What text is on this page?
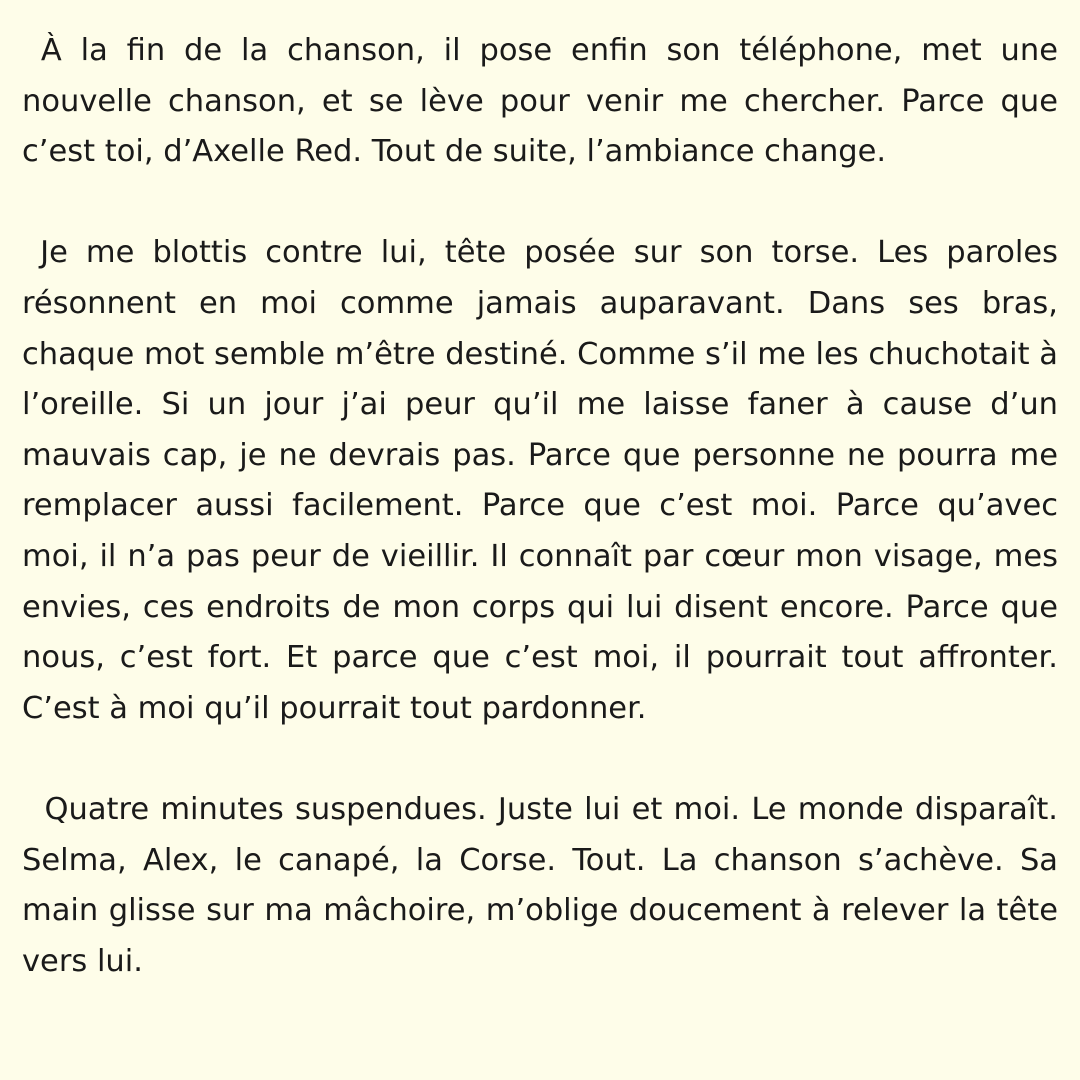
À la fin de la chanson, il pose enfin son téléphone, met une nouvelle chanson, et se lève pour venir me chercher. Parce que c’est toi, d’Axelle Red. Tout de suite, l’ambiance change.

Je me blottis contre lui, tête posée sur son torse. Les paroles résonnent en moi comme jamais auparavant. Dans ses bras, chaque mot semble m’être destiné. Comme s’il me les chuchotait à l’oreille. Si un jour j’ai peur qu’il me laisse faner à cause d’un mauvais cap, je ne devrais pas. Parce que personne ne pourra me remplacer aussi facilement. Parce que c’est moi. Parce qu’avec moi, il n’a pas peur de vieillir. Il connaît par cœur mon visage, mes envies, ces endroits de mon corps qui lui disent encore. Parce que nous, c’est fort. Et parce que c’est moi, il pourrait tout affronter. C’est à moi qu’il pourrait tout pardonner.

Quatre minutes suspendues. Juste lui et moi. Le monde disparaît. Selma, Alex, le canapé, la Corse. Tout. La chanson s’achève. Sa main glisse sur ma mâchoire, m’oblige doucement à relever la tête vers lui.
